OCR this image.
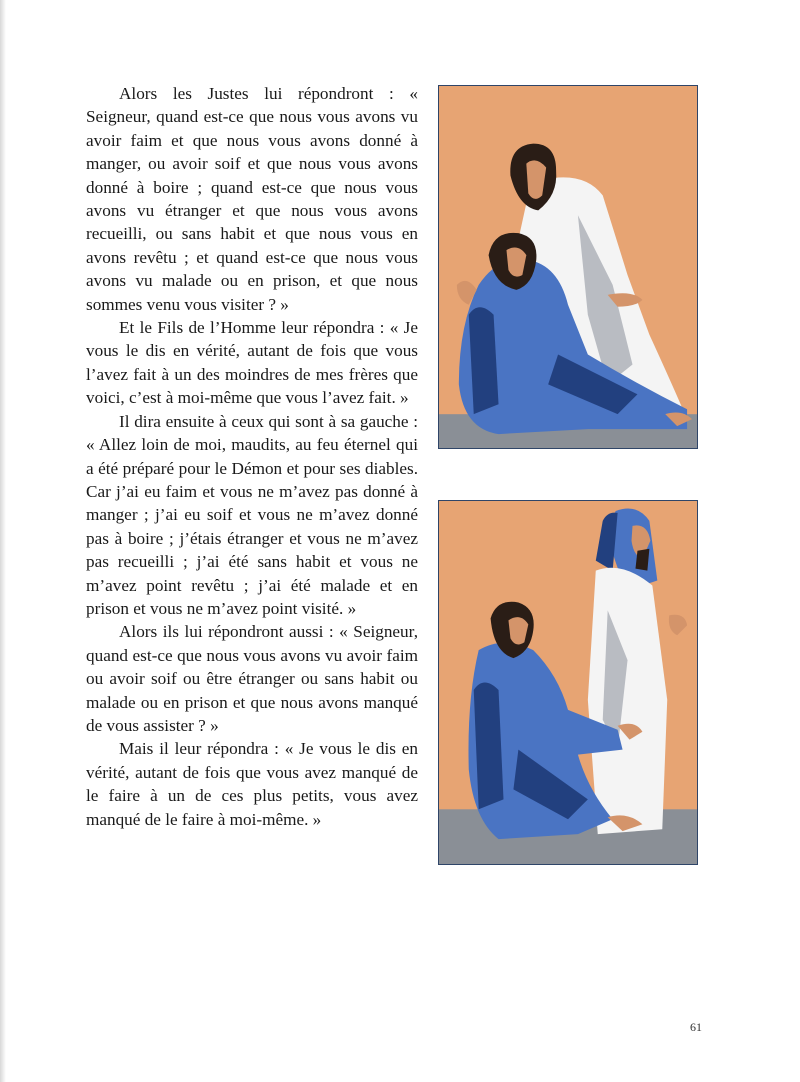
Alors les Justes lui répondront : « Seigneur, quand est-ce que nous vous avons vu avoir faim et que nous vous avons donné à manger, ou avoir soif et que nous vous avons donné à boire ; quand est-ce que nous vous avons vu étranger et que nous vous avons recueilli, ou sans habit et que nous vous en avons revêtu ; et quand est-ce que nous vous avons vu malade ou en prison, et que nous sommes venu vous visiter ? »

Et le Fils de l’Homme leur répondra : « Je vous le dis en vérité, autant de fois que vous l’avez fait à un des moindres de mes frères que voici, c’est à moi-même que vous l’avez fait. »

Il dira ensuite à ceux qui sont à sa gauche : « Allez loin de moi, maudits, au feu éternel qui a été préparé pour le Démon et pour ses diables. Car j’ai eu faim et vous ne m’avez pas donné à manger ; j’ai eu soif et vous ne m’avez donné pas à boire ; j’étais étranger et vous ne m’avez pas recueilli ; j’ai été sans habit et vous ne m’avez point revêtu ; j’ai été malade et en prison et vous ne m’avez point visité. »

Alors ils lui répondront aussi : « Seigneur, quand est-ce que nous vous avons vu avoir faim ou avoir soif ou être étranger ou sans habit ou malade ou en prison et que nous avons manqué de vous assister ? »

Mais il leur répondra : « Je vous le dis en vérité, autant de fois que vous avez manqué de le faire à un de ces plus petits, vous avez manqué de le faire à moi-même. »

61
